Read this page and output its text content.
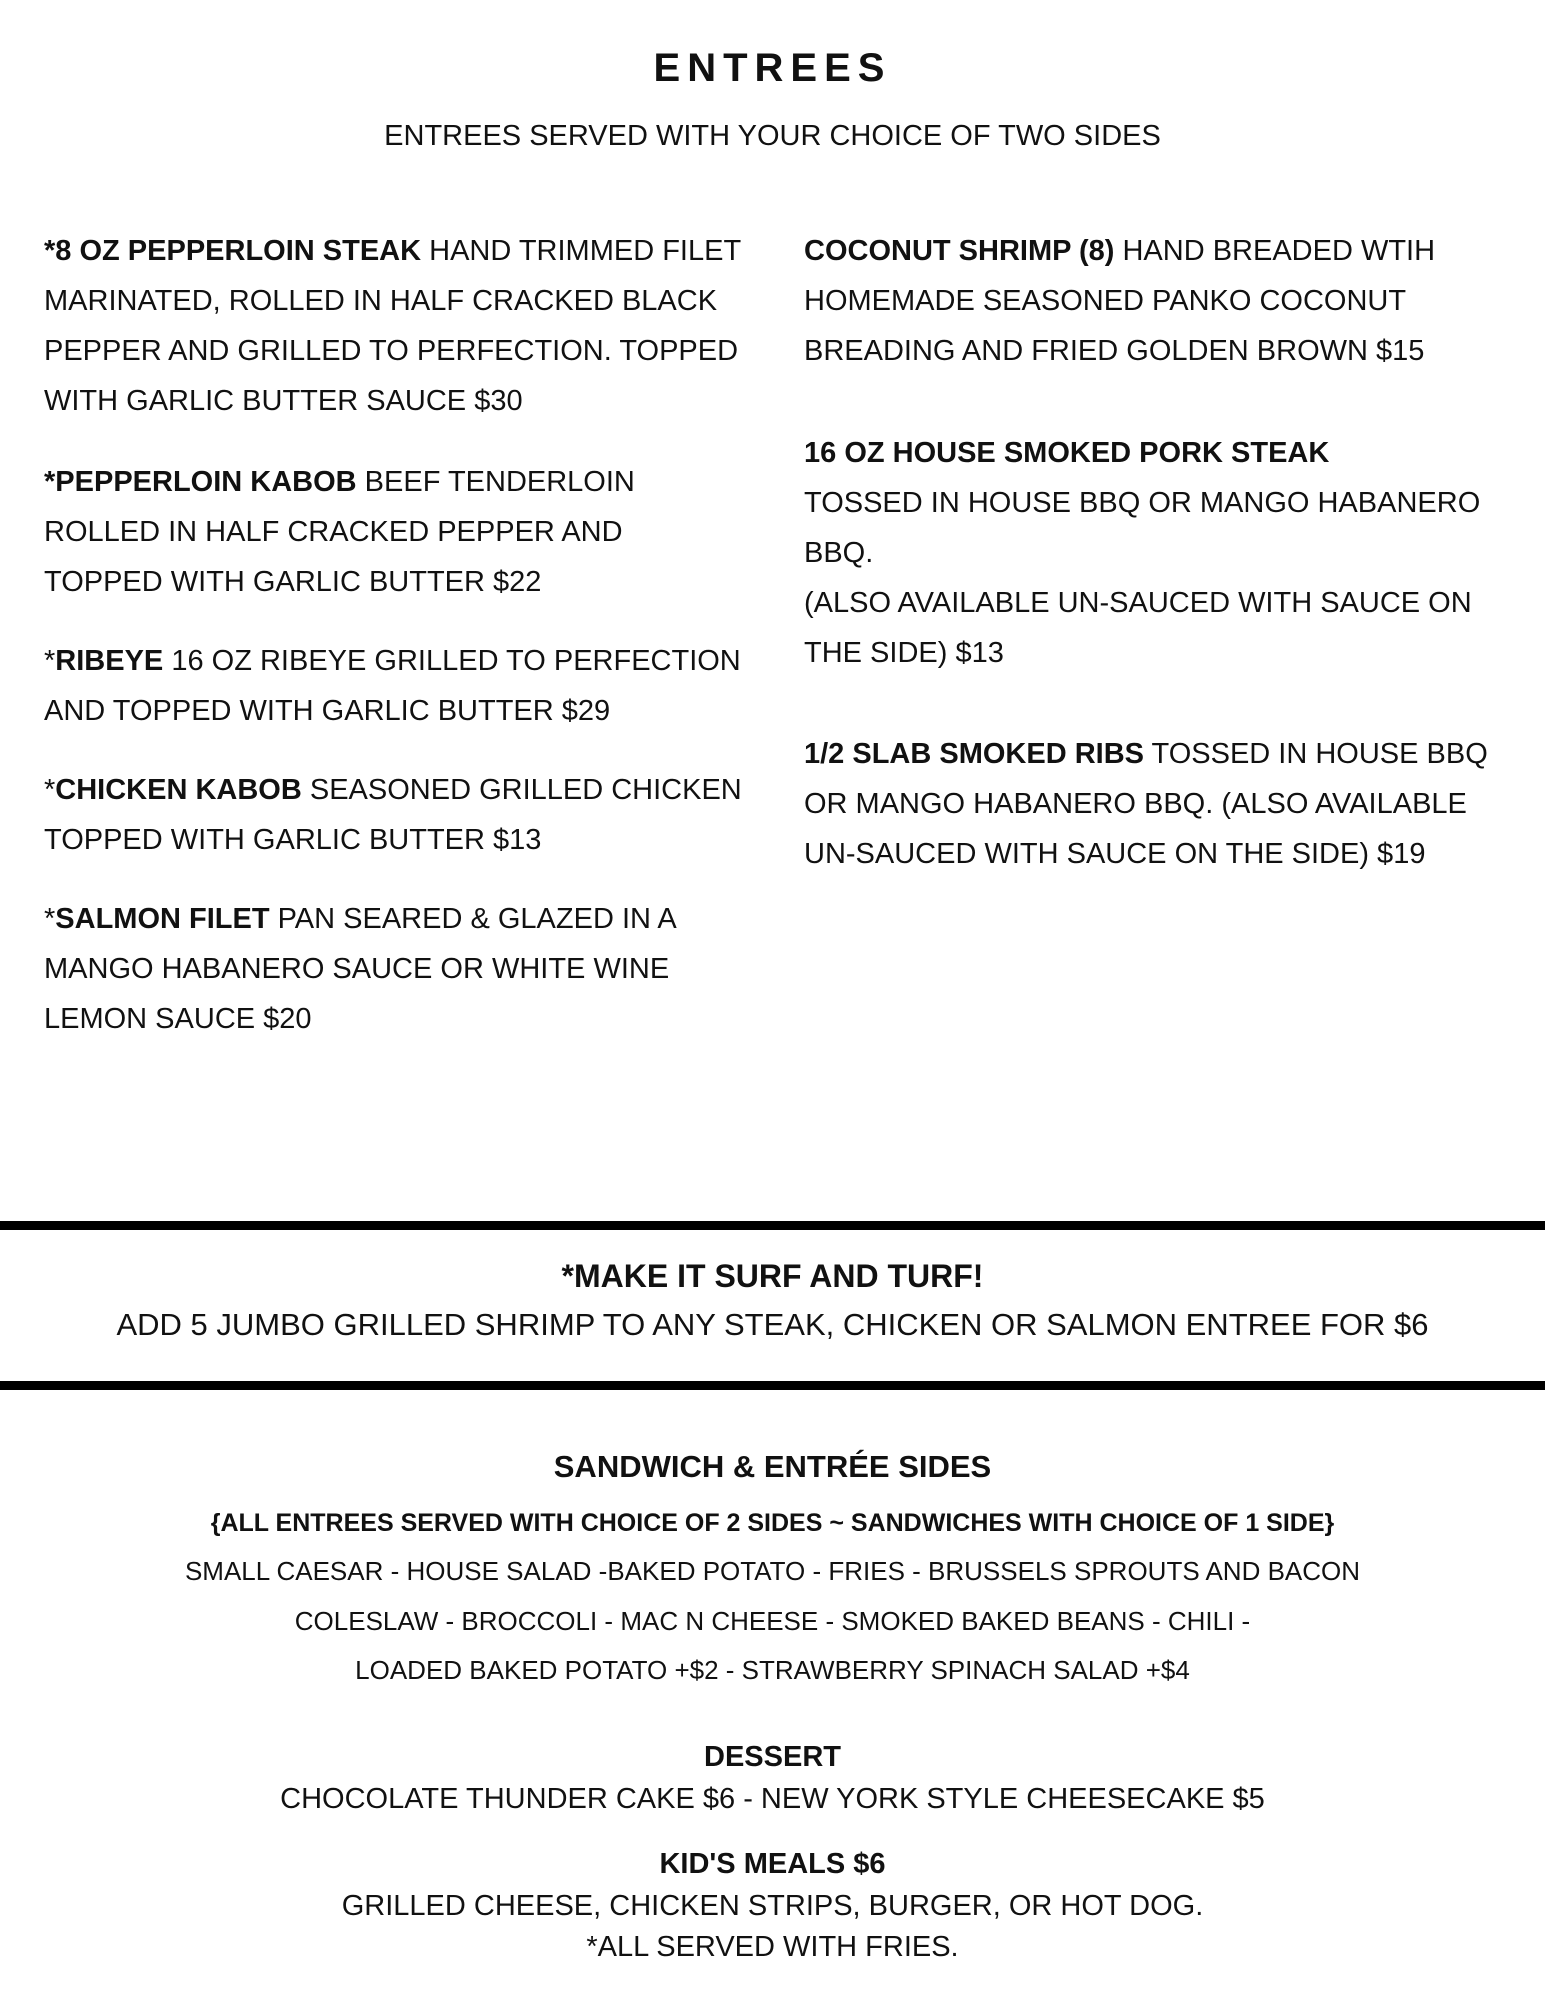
ENTREES
ENTREES SERVED WITH YOUR CHOICE OF TWO SIDES

*8 OZ PEPPERLOIN STEAK HAND TRIMMED FILET MARINATED, ROLLED IN HALF CRACKED BLACK PEPPER AND GRILLED TO PERFECTION. TOPPED WITH GARLIC BUTTER SAUCE $30

*PEPPERLOIN KABOB BEEF TENDERLOIN ROLLED IN HALF CRACKED PEPPER AND TOPPED WITH GARLIC BUTTER $22

*RIBEYE 16 OZ RIBEYE GRILLED TO PERFECTION AND TOPPED WITH GARLIC BUTTER $29

*CHICKEN KABOB SEASONED GRILLED CHICKEN TOPPED WITH GARLIC BUTTER $13

*SALMON FILET PAN SEARED & GLAZED IN A MANGO HABANERO SAUCE OR WHITE WINE LEMON SAUCE $20

COCONUT SHRIMP (8) HAND BREADED WTIH HOMEMADE SEASONED PANKO COCONUT BREADING AND FRIED GOLDEN BROWN $15

16 OZ HOUSE SMOKED PORK STEAK
TOSSED IN HOUSE BBQ OR MANGO HABANERO BBQ.
(ALSO AVAILABLE UN-SAUCED WITH SAUCE ON THE SIDE) $13

1/2 SLAB SMOKED RIBS TOSSED IN HOUSE BBQ OR MANGO HABANERO BBQ. (ALSO AVAILABLE
UN-SAUCED WITH SAUCE ON THE SIDE) $19

*MAKE IT SURF AND TURF!
ADD 5 JUMBO GRILLED SHRIMP TO ANY STEAK, CHICKEN OR SALMON ENTREE FOR $6
SANDWICH & ENTRÉE SIDES
{ALL ENTREES SERVED WITH CHOICE OF 2 SIDES ~ SANDWICHES WITH CHOICE OF 1 SIDE}
SMALL CAESAR - HOUSE SALAD -BAKED POTATO - FRIES - BRUSSELS SPROUTS AND BACON
COLESLAW - BROCCOLI - MAC N CHEESE - SMOKED BAKED BEANS - CHILI -
LOADED BAKED POTATO +$2 - STRAWBERRY SPINACH SALAD +$4
DESSERT
CHOCOLATE THUNDER CAKE $6 - NEW YORK STYLE CHEESECAKE $5
KID'S MEALS $6
GRILLED CHEESE, CHICKEN STRIPS, BURGER, OR HOT DOG.
*ALL SERVED WITH FRIES.
